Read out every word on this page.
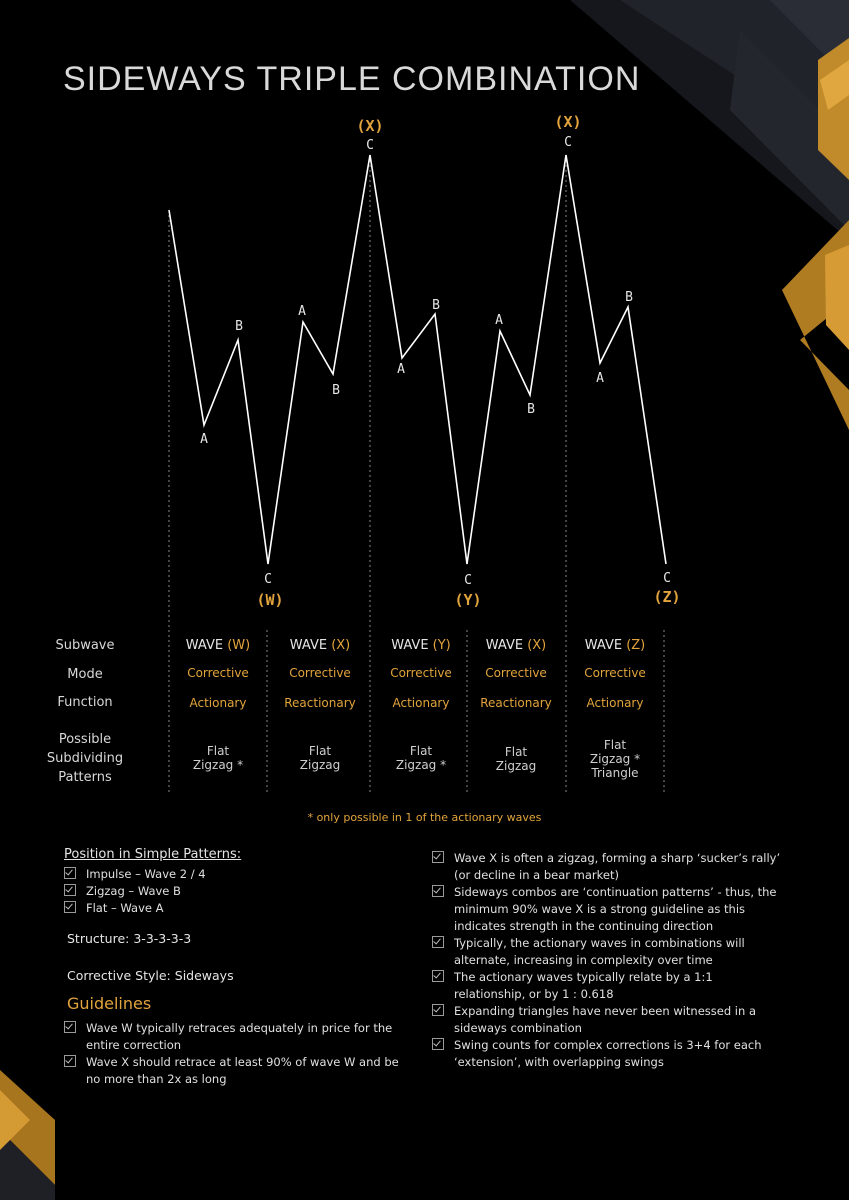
SIDEWAYS TRIPLE COMBINATION
A
B
C
A
B
C
A
B
C
A
B
C
A
B
C
(W)
(X)
(Y)
(X)
(Z)
Subwave
Mode
Function
Possible Subdividing Patterns
WAVE (W)
Corrective
Actionary
Flat
Zigzag *
WAVE (X)
Corrective
Reactionary
Flat
Zigzag
WAVE (Y)
Corrective
Actionary
Flat
Zigzag *
WAVE (X)
Corrective
Reactionary
Flat
Zigzag
WAVE (Z)
Corrective
Actionary
Flat
Zigzag *
Triangle
* only possible in 1 of the actionary waves
Position in Simple Patterns:
Impulse – Wave 2 / 4
Zigzag – Wave B
Flat – Wave A
Structure: 3-3-3-3-3
Corrective Style: Sideways
Guidelines
Wave W typically retraces adequately in price for the entire correction
Wave X should retrace at least 90% of wave W and be no more than 2x as long
Wave X is often a zigzag, forming a sharp ‘sucker’s rally’ (or decline in a bear market)
Sideways combos are ‘continuation patterns’ - thus, the minimum 90% wave X is a strong guideline as this indicates strength in the continuing direction
Typically, the actionary waves in combinations will alternate, increasing in complexity over time
The actionary waves typically relate by a 1:1 relationship, or by 1 : 0.618
Expanding triangles have never been witnessed in a sideways combination
Swing counts for complex corrections is 3+4 for each ‘extension’, with overlapping swings
